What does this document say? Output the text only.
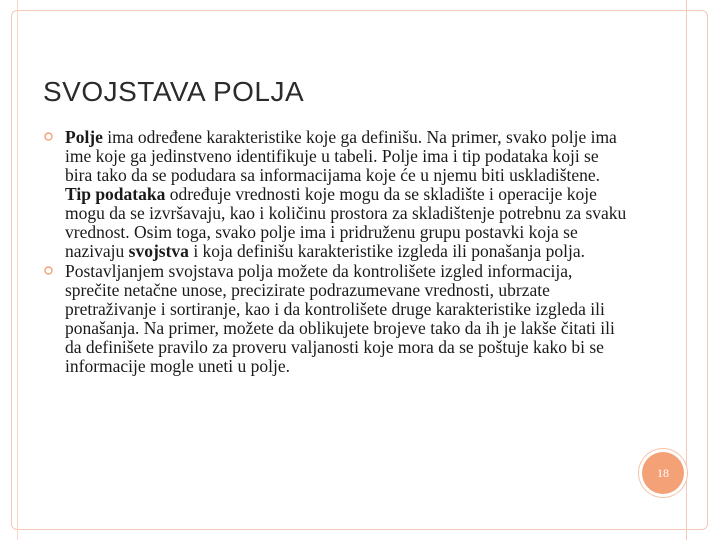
SVOJSTAVA POLJA
Polje ima određene karakteristike koje ga definišu. Na primer, svako polje ima ime koje ga jedinstveno identifikuje u tabeli. Polje ima i tip podataka koji se bira tako da se podudara sa informacijama koje će u njemu biti uskladištene. Tip podataka određuje vrednosti koje mogu da se skladište i operacije koje mogu da se izvršavaju, kao i količinu prostora za skladištenje potrebnu za svaku vrednost. Osim toga, svako polje ima i pridruženu grupu postavki koja se nazivaju svojstva i koja definišu karakteristike izgleda ili ponašanja polja.
Postavljanjem svojstava polja možete da kontrolišete izgled informacija, sprečite netačne unose, precizirate podrazumevane vrednosti, ubrzate pretraživanje i sortiranje, kao i da kontrolišete druge karakteristike izgleda ili ponašanja. Na primer, možete da oblikujete brojeve tako da ih je lakše čitati ili da definišete pravilo za proveru valjanosti koje mora da se poštuje kako bi se informacije mogle uneti u polje.
18
